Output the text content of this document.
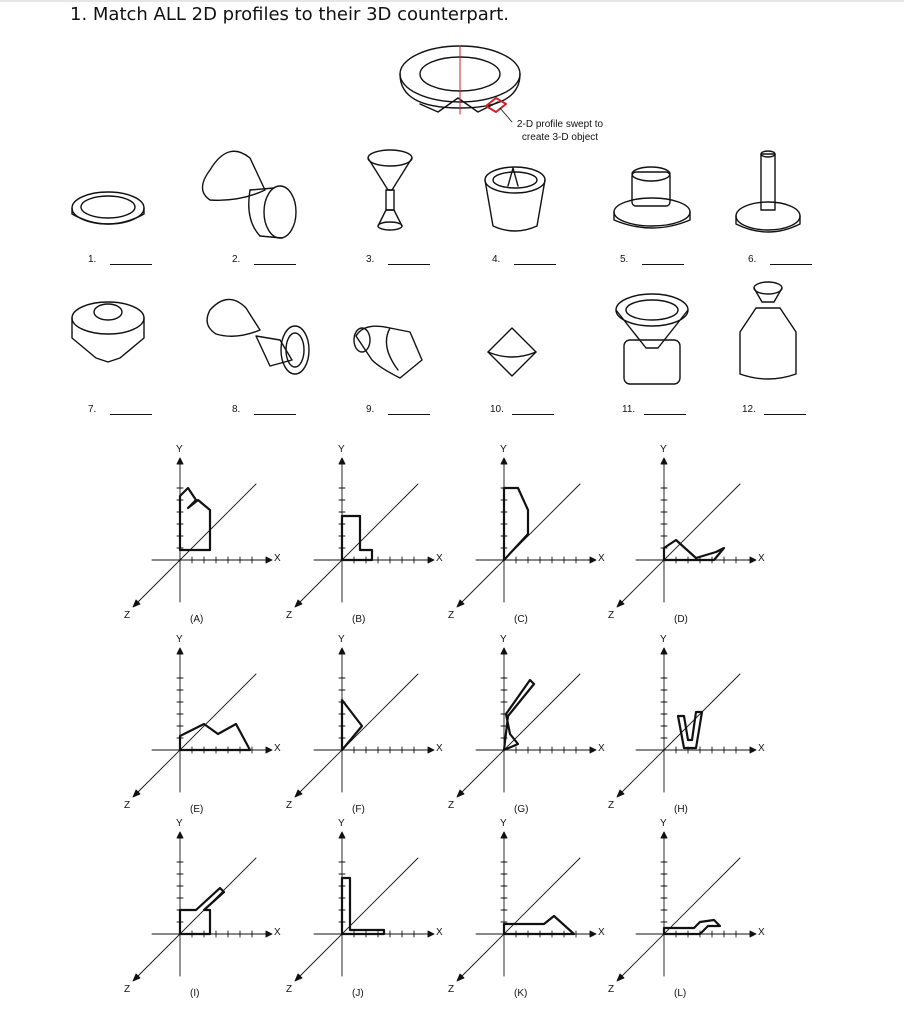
1. Match ALL 2D profiles to their 3D counterpart.
2-D profile swept to
create 3-D object
1.	2.	3.	4.	5.	6.
7.	8.	9.	10.	11.	12.
Y
X
Z	(A)
Y
X
Z	(B)
Y
X
Z	(C)
Y
X
Z	(D)
Y
X
Z	(E)
Y
X
Z	(F)
Y
X
Z	(G)
Y
X
Z	(H)
Y
X
Z	(I)
Y
X
Z	(J)
Y
X
Z	(K)
Y
X
Z	(L)
